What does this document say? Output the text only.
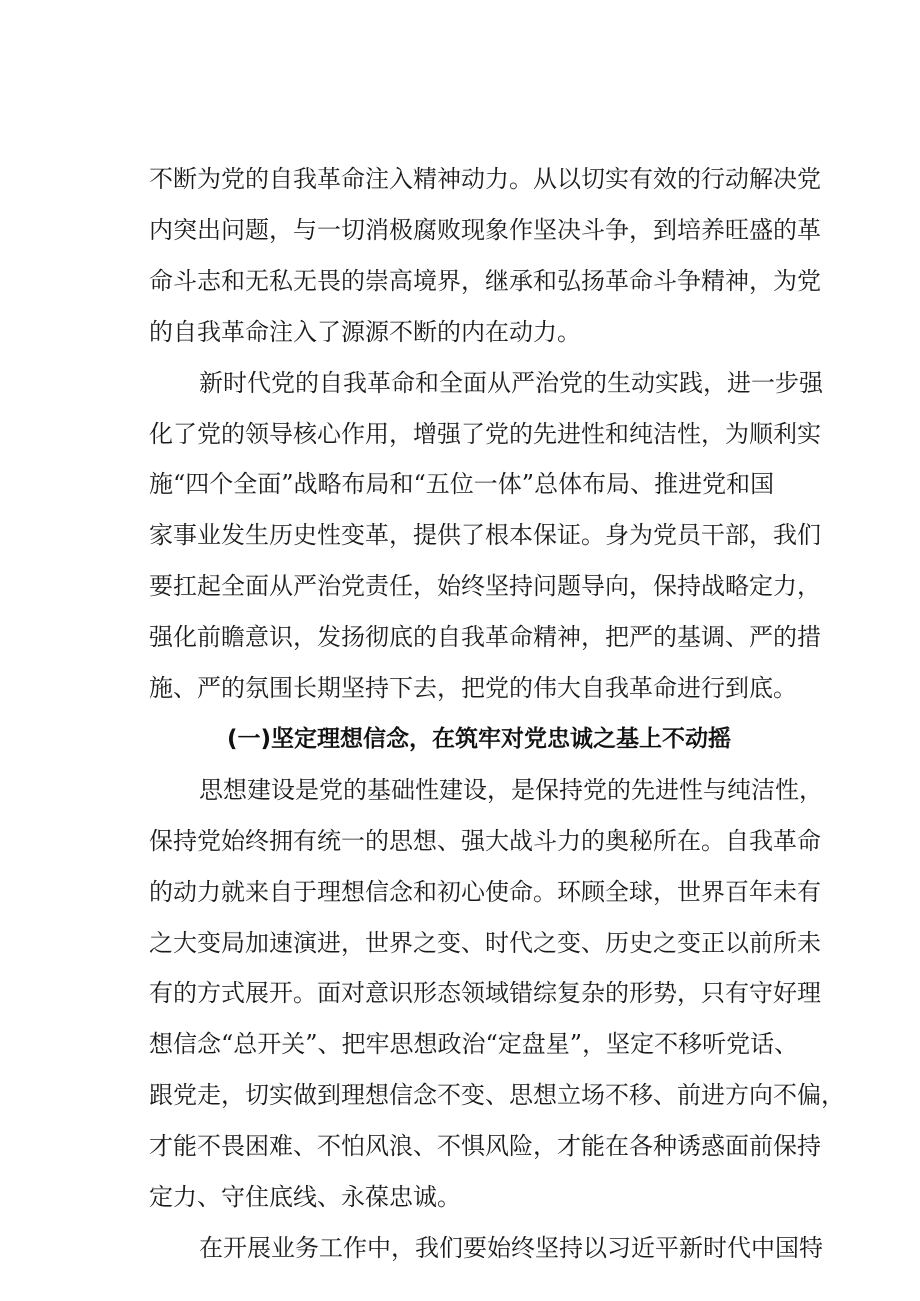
不断为党的自我革命注入精神动力。从以切实有效的行动解决党
内突出问题，与一切消极腐败现象作坚决斗争，到培养旺盛的革
命斗志和无私无畏的崇高境界，继承和弘扬革命斗争精神，为党
的自我革命注入了源源不断的内在动力。
新时代党的自我革命和全面从严治党的生动实践，进一步强
化了党的领导核心作用，增强了党的先进性和纯洁性，为顺利实
施“四个全面”战略布局和“五位一体”总体布局、推进党和国
家事业发生历史性变革，提供了根本保证。身为党员干部，我们
要扛起全面从严治党责任，始终坚持问题导向，保持战略定力，
强化前瞻意识，发扬彻底的自我革命精神，把严的基调、严的措
施、严的氛围长期坚持下去，把党的伟大自我革命进行到底。
(一)坚定理想信念，在筑牢对党忠诚之基上不动摇
思想建设是党的基础性建设，是保持党的先进性与纯洁性，
保持党始终拥有统一的思想、强大战斗力的奥秘所在。自我革命
的动力就来自于理想信念和初心使命。环顾全球，世界百年未有
之大变局加速演进，世界之变、时代之变、历史之变正以前所未
有的方式展开。面对意识形态领域错综复杂的形势，只有守好理
想信念“总开关”、把牢思想政治“定盘星”，坚定不移听党话、
跟党走，切实做到理想信念不变、思想立场不移、前进方向不偏，
才能不畏困难、不怕风浪、不惧风险，才能在各种诱惑面前保持
定力、守住底线、永葆忠诚。
在开展业务工作中，我们要始终坚持以习近平新时代中国特
